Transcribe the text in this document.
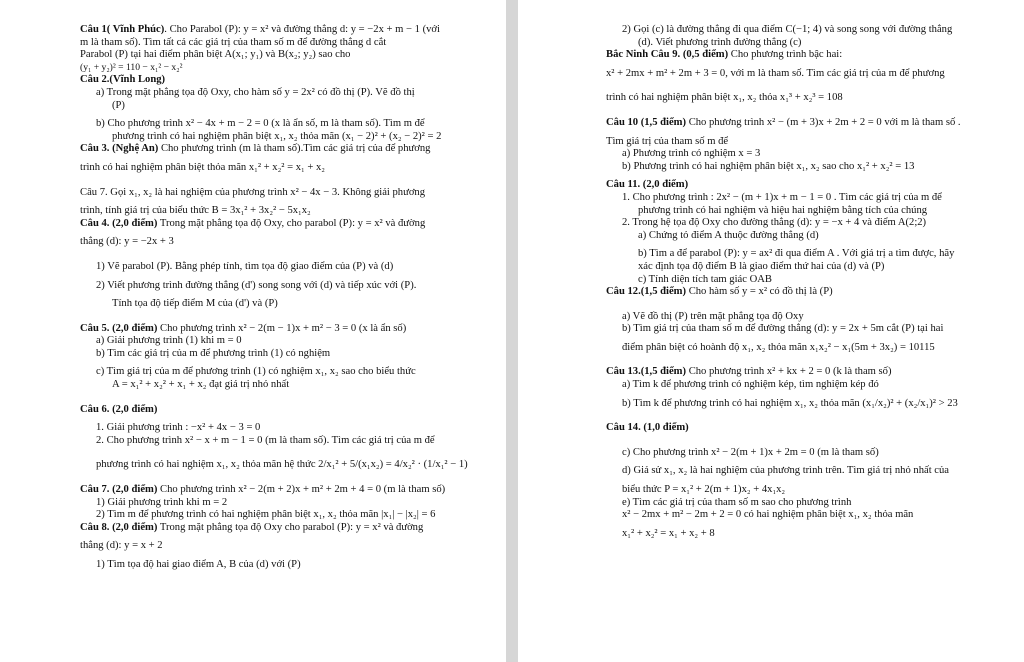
Câu 1( Vĩnh Phúc). Cho Parabol (P): y = x² và đường thẳng d: y = −2x + m − 1 (với

m là tham số). Tìm tất cả các giá trị của tham số m để đường thẳng d cắt

Parabol (P) tại hai điểm phân biệt A(x₁; y₁) và B(x₂; y₂) sao cho

(y₁ + y₂)² = 110 − x₁² − x₂²

Câu 2.(Vĩnh Long)

a) Trong mặt phẳng tọa độ Oxy, cho hàm số y = 2x² có đồ thị (P). Vẽ đồ thị

(P)

b) Cho phương trình x² − 4x + m − 2 = 0 (x là ẩn số, m là tham số). Tìm m để

phương trình có hai nghiệm phân biệt x₁, x₂ thỏa mãn (x₁ − 2)² + (x₂ − 2)² = 2

Câu 3. (Nghệ An) Cho phương trình (m là tham số).Tìm các giá trị của để phương

trình có hai nghiệm phân biệt thỏa mãn x₁² + x₂² = x₁ + x₂

Câu 7. Gọi x₁, x₂ là hai nghiệm của phương trình x² − 4x − 3. Không giải phương

trình, tính giá trị của biểu thức B = 3x₁² + 3x₂² − 5x₁x₂

Câu 4. (2,0 điểm) Trong mặt phẳng tọa độ Oxy, cho parabol (P): y = x² và đường

thẳng (d): y = −2x + 3

1) Vẽ parabol (P). Bằng phép tính, tìm tọa độ giao điểm của (P) và (d)

2) Viết phương trình đường thẳng (d') song song với (d) và tiếp xúc với (P).

Tính tọa độ tiếp điểm M của (d') và (P)

Câu 5. (2,0 điểm) Cho phương trình x² − 2(m − 1)x + m² − 3 = 0 (x là ẩn số)

a) Giải phương trình (1) khi m = 0

b) Tìm các giá trị của m để phương trình (1) có nghiệm

c) Tìm giá trị của m để phương trình (1) có nghiệm x₁, x₂ sao cho biểu thức

A = x₁² + x₂² + x₁ + x₂ đạt giá trị nhỏ nhất

Câu 6. (2,0 điểm)

1. Giải phương trình : −x² + 4x − 3 = 0

2. Cho phương trình x² − x + m − 1 = 0 (m là tham số). Tìm các giá trị của m để

phương trình có hai nghiệm x₁, x₂ thỏa mãn hệ thức 2/x₁² + 5/(x₁x₂) = 4/x₂² · (1/x₁² − 1)

Câu 7. (2,0 điểm) Cho phương trình x² − 2(m + 2)x + m² + 2m + 4 = 0 (m là tham số)

1) Giải phương trình khi m = 2

2) Tìm m để phương trình có hai nghiệm phân biệt x₁, x₂ thỏa mãn |x₁| − |x₂| = 6

Câu 8. (2,0 điểm) Trong mặt phẳng tọa độ Oxy cho parabol (P): y = x² và đường

thẳng (d): y = x + 2

1) Tìm tọa độ hai giao điểm A, B của (d) với (P)

2) Gọi (c) là đường thẳng đi qua điểm C(−1; 4) và song song với đường thẳng

(d). Viết phương trình đường thẳng (c)

Bắc Ninh Câu 9. (0,5 điểm) Cho phương trình bậc hai:

x² + 2mx + m² + 2m + 3 = 0, với m là tham số. Tìm các giá trị của m để phương

trình có hai nghiệm phân biệt x₁, x₂ thỏa x₁³ + x₂³ = 108

Câu 10 (1,5 điểm) Cho phương trình x² − (m + 3)x + 2m + 2 = 0 với m là tham số .

Tìm giá trị của tham số m để

a) Phương trình có nghiệm x = 3

b) Phương trình có hai nghiệm phân biệt x₁, x₂ sao cho x₁² + x₂² = 13

Câu 11. (2,0 điểm)

1. Cho phương trình : 2x² − (m + 1)x + m − 1 = 0 . Tìm các giá trị của m để

phương trình có hai nghiệm và hiệu hai nghiệm bằng tích của chúng

2. Trong hệ tọa độ Oxy cho đường thẳng (d): y = −x + 4 và điểm A(2;2)

a) Chứng tỏ điểm A thuộc đường thẳng (d)

b) Tìm a để parabol (P): y = ax² đi qua điểm A . Với giá trị a tìm được, hãy

xác định tọa độ điểm B là giao điểm thứ hai của (d) và (P)

c) Tính diện tích tam giác OAB

Câu 12.(1,5 điểm) Cho hàm số y = x² có đồ thị là (P)

a) Vẽ đồ thị (P) trên mặt phẳng tọa độ Oxy

b) Tìm giá trị của tham số m để đường thẳng (d): y = 2x + 5m cắt (P) tại hai

điểm phân biệt có hoành độ x₁, x₂ thỏa mãn x₁x₂² − x₁(5m + 3x₂) = 10115

Câu 13.(1,5 điểm) Cho phương trình x² + kx + 2 = 0 (k là tham số)

a) Tìm k để phương trình có nghiệm kép, tìm nghiệm kép đó

b) Tìm k để phương trình có hai nghiệm x₁, x₂ thỏa mãn (x₁/x₂)² + (x₂/x₁)² > 23

Câu 14. (1,0 điểm)

c) Cho phương trình x² − 2(m + 1)x + 2m = 0 (m là tham số)

d) Giả sử x₁, x₂ là hai nghiệm của phương trình trên. Tìm giá trị nhỏ nhất của

biểu thức P = x₁² + 2(m + 1)x₂ + 4x₁x₂

e) Tìm các giá trị của tham số m sao cho phương trình

x² − 2mx + m² − 2m + 2 = 0 có hai nghiệm phân biệt x₁, x₂ thỏa mãn

x₁² + x₂² = x₁ + x₂ + 8
